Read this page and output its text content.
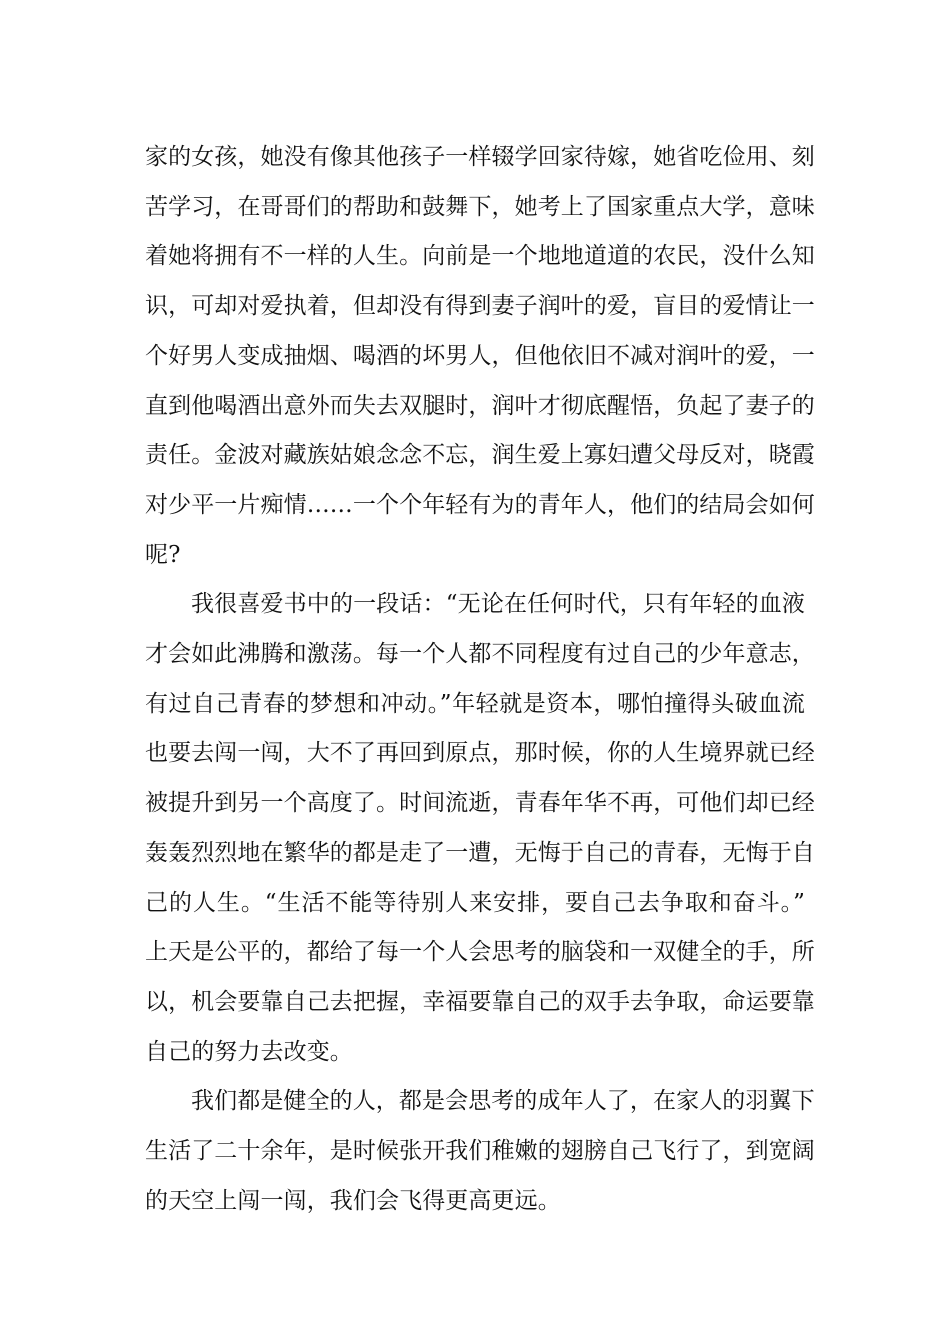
家的女孩，她没有像其他孩子一样辍学回家待嫁，她省吃俭用、刻
苦学习，在哥哥们的帮助和鼓舞下，她考上了国家重点大学，意味
着她将拥有不一样的人生。向前是一个地地道道的农民，没什么知
识，可却对爱执着，但却没有得到妻子润叶的爱，盲目的爱情让一
个好男人变成抽烟、喝酒的坏男人，但他依旧不减对润叶的爱，一
直到他喝酒出意外而失去双腿时，润叶才彻底醒悟，负起了妻子的
责任。金波对藏族姑娘念念不忘，润生爱上寡妇遭父母反对，晓霞
对少平一片痴情……一个个年轻有为的青年人，他们的结局会如何
呢?

我很喜爱书中的一段话：“无论在任何时代，只有年轻的血液
才会如此沸腾和激荡。每一个人都不同程度有过自己的少年意志，
有过自己青春的梦想和冲动。”年轻就是资本，哪怕撞得头破血流
也要去闯一闯，大不了再回到原点，那时候，你的人生境界就已经
被提升到另一个高度了。时间流逝，青春年华不再，可他们却已经
轰轰烈烈地在繁华的都是走了一遭，无悔于自己的青春，无悔于自
己的人生。“生活不能等待别人来安排，要自己去争取和奋斗。”
上天是公平的，都给了每一个人会思考的脑袋和一双健全的手，所
以，机会要靠自己去把握，幸福要靠自己的双手去争取，命运要靠
自己的努力去改变。

我们都是健全的人，都是会思考的成年人了，在家人的羽翼下
生活了二十余年，是时候张开我们稚嫩的翅膀自己飞行了，到宽阔
的天空上闯一闯，我们会飞得更高更远。
